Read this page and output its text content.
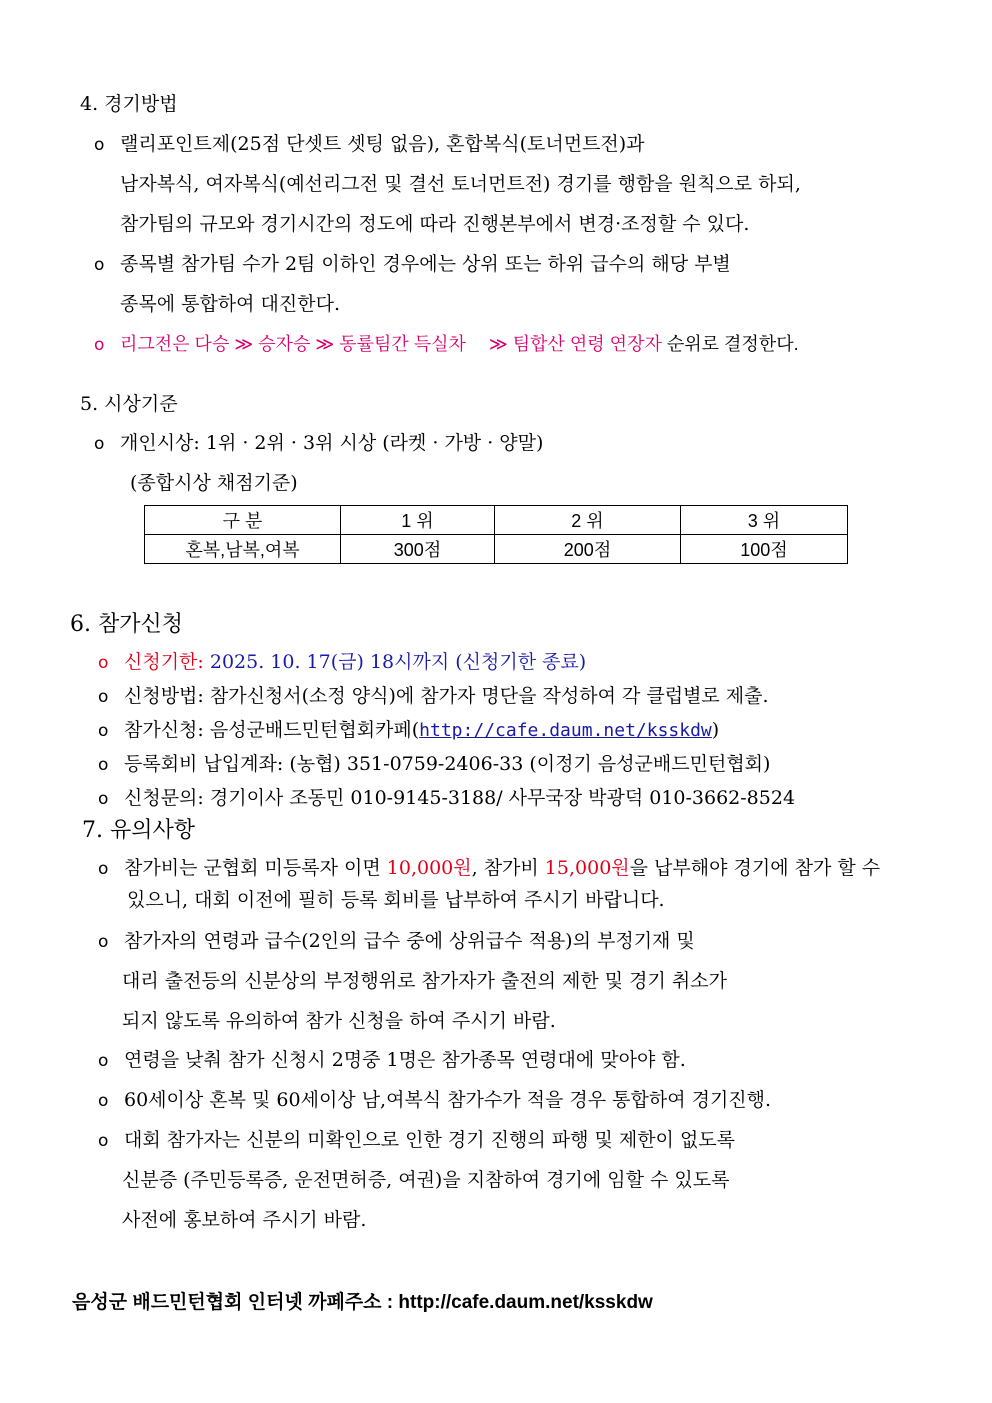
4. 경기방법
o랠리포인트제(25점 단셋트 셋팅 없음), 혼합복식(토너먼트전)과
남자복식, 여자복식(예선리그전 및 결선 토너먼트전) 경기를 행함을 원칙으로 하되,
참가팀의 규모와 경기시간의 정도에 따라 진행본부에서 변경·조정할 수 있다.
o종목별 참가팀 수가 2팀 이하인 경우에는 상위 또는 하위 급수의 해당 부별
종목에 통합하여 대진한다.
o리그전은 다승 ≫ 승자승 ≫ 동률팀간 득실차 　≫ 팀합산 연령 연장자 순위로 결정한다.
5. 시상기준
o개인시상: 1위 · 2위 · 3위 시상 (라켓 · 가방 · 양말)
(종합시상 채점기준)
구 분	1 위	2 위	3 위
혼복,남복,여복	300점	200점	100점
6. 참가신청
o신청기한: 2025. 10. 17(금) 18시까지 (신청기한 종료)
o신청방법: 참가신청서(소정 양식)에 참가자 명단을 작성하여 각 클럽별로 제출.
o참가신청: 음성군배드민턴협회카페(http://cafe.daum.net/ksskdw)
o등록회비 납입계좌: (농협) 351-0759-2406-33 (이정기 음성군배드민턴협회)
o신청문의: 경기이사 조동민 010-9145-3188/ 사무국장 박광덕 010-3662-8524
7. 유의사항
o참가비는 군협회 미등록자 이면 10,000원, 참가비 15,000원을 납부해야 경기에 참가 할 수
있으니, 대회 이전에 필히 등록 회비를 납부하여 주시기 바랍니다.
o참가자의 연령과 급수(2인의 급수 중에 상위급수 적용)의 부정기재 및
대리 출전등의 신분상의 부정행위로 참가자가 출전의 제한 및 경기 취소가
되지 않도록 유의하여 참가 신청을 하여 주시기 바람.
o연령을 낮춰 참가 신청시 2명중 1명은 참가종목 연령대에 맞아야 함.
o60세이상 혼복 및 60세이상 남,여복식 참가수가 적을 경우 통합하여 경기진행.
o대회 참가자는 신분의 미확인으로 인한 경기 진행의 파행 및 제한이 없도록
신분증 (주민등록증, 운전면허증, 여권)을 지참하여 경기에 임할 수 있도록
사전에 홍보하여 주시기 바람.
음성군 배드민턴협회 인터넷 까페주소 : http://cafe.daum.net/ksskdw
